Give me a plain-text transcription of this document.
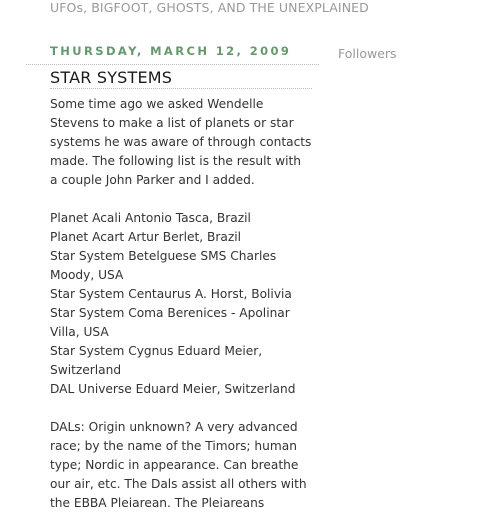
UFOs, BIGFOOT, GHOSTS, AND THE UNEXPLAINED
THURSDAY, MARCH 12, 2009
STAR SYSTEMS

Some time ago we asked Wendelle Stevens to make a list of planets or star systems he was aware of through contacts made. The following list is the result with a couple John Parker and I added.

Planet Acali Antonio Tasca, Brazil
Planet Acart Artur Berlet, Brazil
Star System Betelguese SMS Charles Moody, USA
Star System Centaurus A. Horst, Bolivia
Star System Coma Berenices - Apolinar Villa, USA
Star System Cygnus Eduard Meier, Switzerland
DAL Universe Eduard Meier, Switzerland

DALs: Origin unknown? A very advanced race; by the name of the Timors; human type; Nordic in appearance. Can breathe our air, etc. The Dals assist all others with the EBBA Pleiarean. The Pleiareans

Followers
